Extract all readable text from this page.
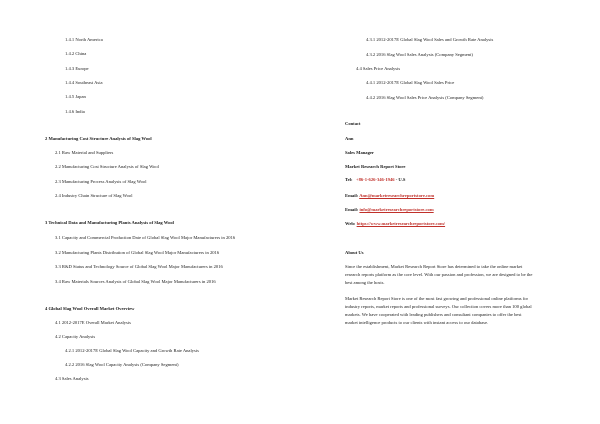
1.4.1 North America
1.4.2 China
1.4.3 Europe
1.4.4 Southeast Asia
1.4.5 Japan
1.4.6 India
2 Manufacturing Cost Structure Analysis of Slag Wool
2.1 Raw Material and Suppliers
2.2 Manufacturing Cost Structure Analysis of Slag Wool
2.3 Manufacturing Process Analysis of Slag Wool
2.4 Industry Chain Structure of Slag Wool
3 Technical Data and Manufacturing Plants Analysis of Slag Wool
3.1 Capacity and Commercial Production Date of Global Slag Wool Major Manufacturers in 2016
3.2 Manufacturing Plants Distribution of Global Slag Wool Major Manufacturers in 2016
3.3 R&D Status and Technology Source of Global Slag Wool Major Manufacturers in 2016
3.4 Raw Materials Sources Analysis of Global Slag Wool Major Manufacturers in 2016
4 Global Slag Wool Overall Market Overview
4.1 2012-2017E Overall Market Analysis
4.2 Capacity Analysis
4.2.1 2012-2017E Global Slag Wool Capacity and Growth Rate Analysis
4.2.2 2016 Slag Wool Capacity Analysis (Company Segment)
4.3 Sales Analysis
4.3.1 2012-2017E Global Slag Wool Sales and Growth Rate Analysis
4.3.2 2016 Slag Wool Sales Analysis (Company Segment)
4.4 Sales Price Analysis
4.4.1 2012-2017E Global Slag Wool Sales Price
4.4.2 2016 Slag Wool Sales Price Analysis (Company Segment)
Contact
Ann
Sales Manager
Market Research Report Store
Tel: +86-1-626-346-1946 - U.S
Email: Ann@marketresearchreportstore.com
Email: info@marketresearchreportstore.com
Web: https://www.marketresearchreportstore.com/
About Us
Since the establishment, Market Research Report Store has determined to take the online market
research reports platform as the core level. With our passion and profession, we are designed to be the
best among the hosts.
Market Research Report Store is one of the most fast growing and professional online platforms for
industry reports, market reports and professional surveys. Our collection covers more than 100 global
markets. We have cooperated with leading publishers and consultant companies to offer the best
market intelligence products to our clients with instant access to our database.
